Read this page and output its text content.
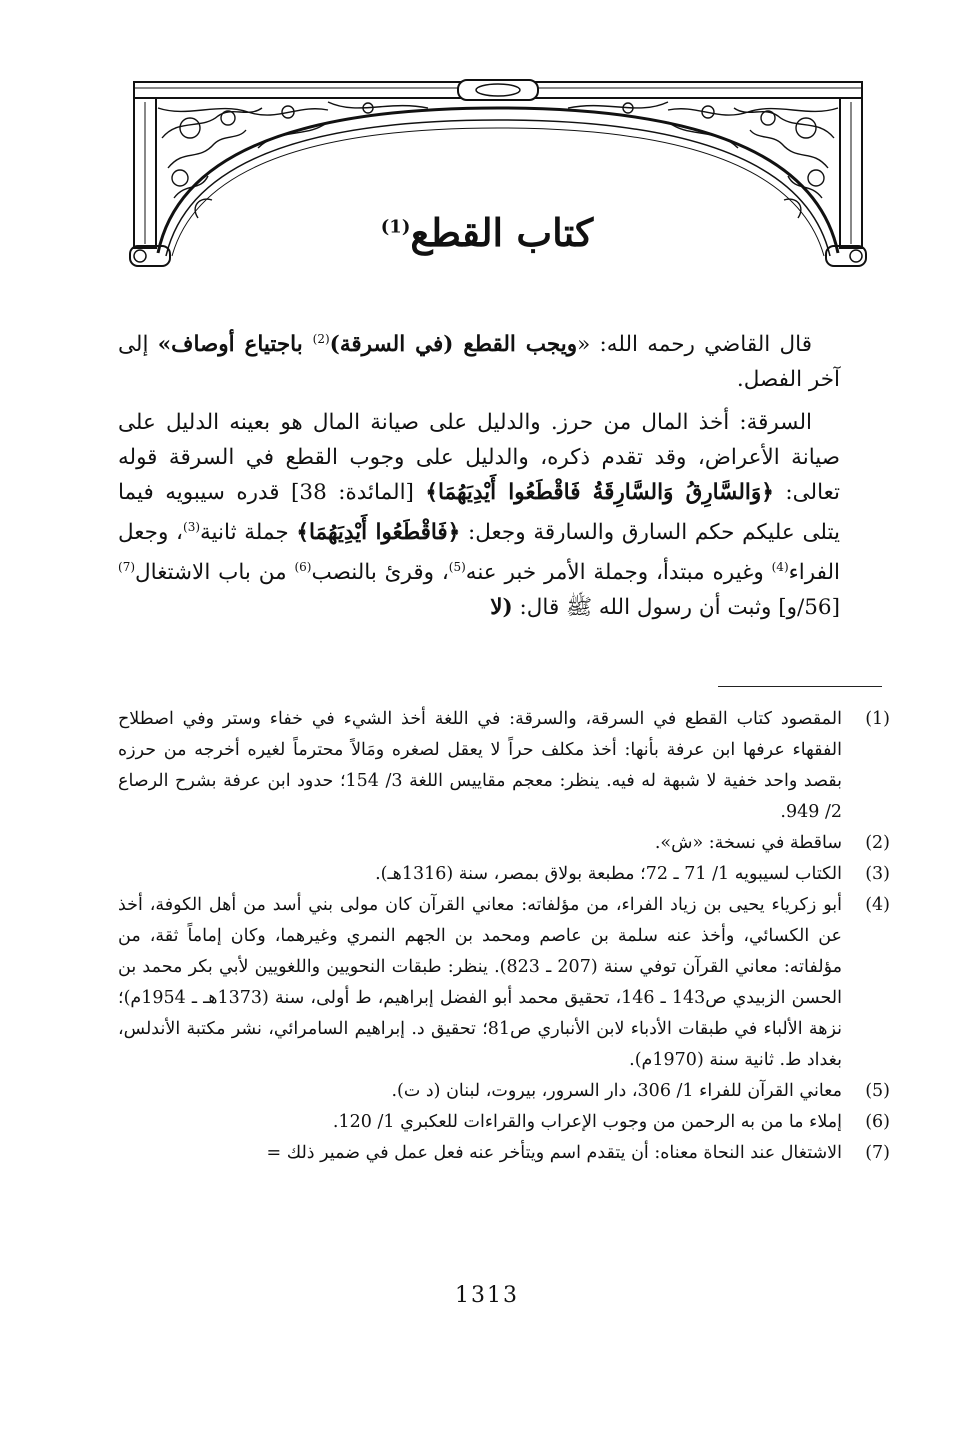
كتاب القطع$^{(1)}$

قال القاضي رحمه الله: «ويجب القطع (في السرقة)$^{(2)}$ باجتياع أوصاف» إلى آخر الفصل.

السرقة: أخذ المال من حرز. والدليل على صيانة المال هو بعينه الدليل على صيانة الأعراض، وقد تقدم ذكره، والدليل على وجوب القطع في السرقة قوله تعالى: ﴿وَالسَّارِقُ وَالسَّارِقَةُ فَاقْطَعُوا أَيْدِيَهُمَا﴾ [المائدة: 38] قدره سيبويه فيما يتلى عليكم حكم السارق والسارقة وجعل: ﴿فَاقْطَعُوا أَيْدِيَهُمَا﴾ جملة ثانية$^{(3)}$، وجعل الفراء$^{(4)}$ وغيره مبتدأ، وجملة الأمر خبر عنه$^{(5)}$، وقرئ بالنصب$^{(6)}$ من باب الاشتغال$^{(7)}$ [56/و] وثبت أن رسول الله ﷺ قال: (لا

(1)
المقصود كتاب القطع في السرقة، والسرقة: في اللغة أخذ الشيء في خفاء وستر وفي اصطلاح الفقهاء عرفها ابن عرفة بأنها: أخذ مكلف حراً لا يعقل لصغره ومَالاً محترماً لغيره أخرجه من حرزه بقصد واحد خفية لا شبهة له فيه. ينظر: معجم مقاييس اللغة 3/ 154؛ حدود ابن عرفة بشرح الرصاع 2/ 949.
(2)
ساقطة في نسخة: «ش».
(3)
الكتاب لسيبويه 1/ 71 ـ 72؛ مطبعة بولاق بمصر، سنة (1316هـ).
(4)
أبو زكرياء يحيى بن زياد الفراء، من مؤلفاته: معاني القرآن كان مولى بني أسد من أهل الكوفة، أخذ عن الكسائي، وأخذ عنه سلمة بن عاصم ومحمد بن الجهم النمري وغيرهما، وكان إماماً ثقة، من مؤلفاته: معاني القرآن توفي سنة (207 ـ 823). ينظر: طبقات النحويين واللغويين لأبي بكر محمد بن الحسن الزبيدي ص143 ـ 146، تحقيق محمد أبو الفضل إبراهيم، ط أولى، سنة (1373هـ ـ 1954م)؛ نزهة الألباء في طبقات الأدباء لابن الأنباري ص81؛ تحقيق د. إبراهيم السامرائي، نشر مكتبة الأندلس، بغداد ط. ثانية سنة (1970م).
(5)
معاني القرآن للفراء 1/ 306، دار السرور، بيروت، لبنان (د ت).
(6)
إملاء ما من به الرحمن من وجوب الإعراب والقراءات للعكبري 1/ 120.
(7)
الاشتغال عند النحاة معناه: أن يتقدم اسم ويتأخر عنه فعل عمل في ضمير ذلك =
1313
